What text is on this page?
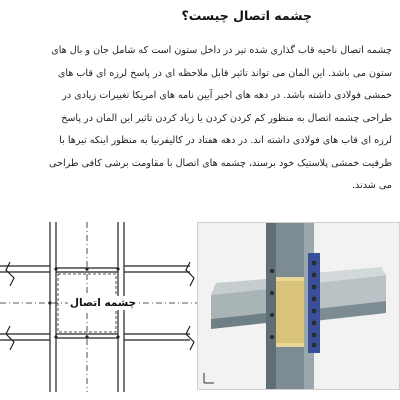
چشمه اتصال چیست؟
چشمه اتصال ناحیه قاب گذاری شده تیر در داخل ستون است که شامل جان و بال های
ستون می باشد. این المان می تواند تاثیر قابل ملاحظه ای در پاسخ لرزه ای قاب های
خمشی فولادی داشته باشد. در دهه های اخیر آیین نامه های امریکا تغییرات زیادی در
طراحی چشمه اتصال به منظور کم کردن کردن یا زیاد کردن تاثیر این المان در پاسخ
لرزه ای قاب های فولادی داشته اند. در دهه هفتاد در کالیفرنیا به منظور اینکه تیرها با
ظرفیت خمشی پلاستیک خود برسند، چشمه های اتصال با مقاومت برشی کافی طراحی
می شدند.
چشمه اتصال
